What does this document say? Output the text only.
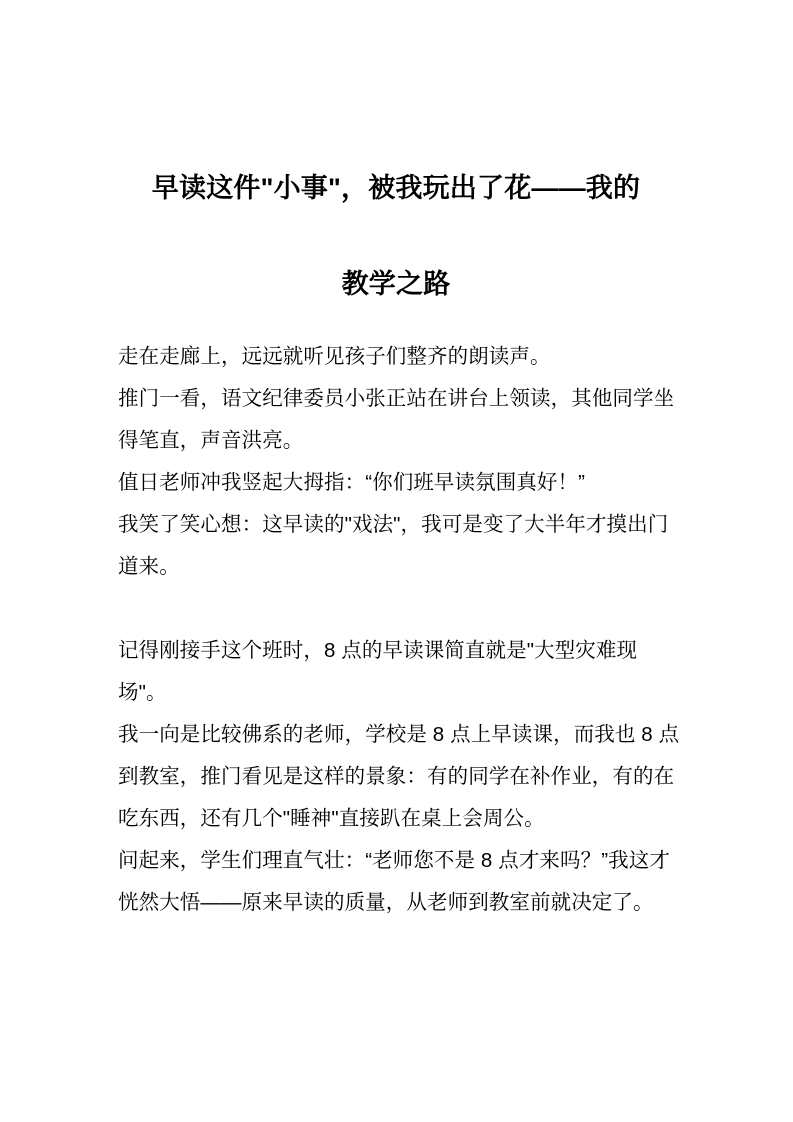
早读这件"小事"，被我玩出了花——我的
教学之路

走在走廊上，远远就听见孩子们整齐的朗读声。
推门一看，语文纪律委员小张正站在讲台上领读，其他同学坐得笔直，声音洪亮。
值日老师冲我竖起大拇指：“你们班早读氛围真好！”
我笑了笑心想：这早读的"戏法"，我可是变了大半年才摸出门道来。

记得刚接手这个班时，8 点的早读课简直就是"大型灾难现场"。
我一向是比较佛系的老师，学校是 8 点上早读课，而我也 8 点到教室，推门看见是这样的景象：有的同学在补作业，有的在吃东西，还有几个"睡神"直接趴在桌上会周公。
问起来，学生们理直气壮：“老师您不是 8 点才来吗？”我这才恍然大悟——原来早读的质量，从老师到教室前就决定了。
